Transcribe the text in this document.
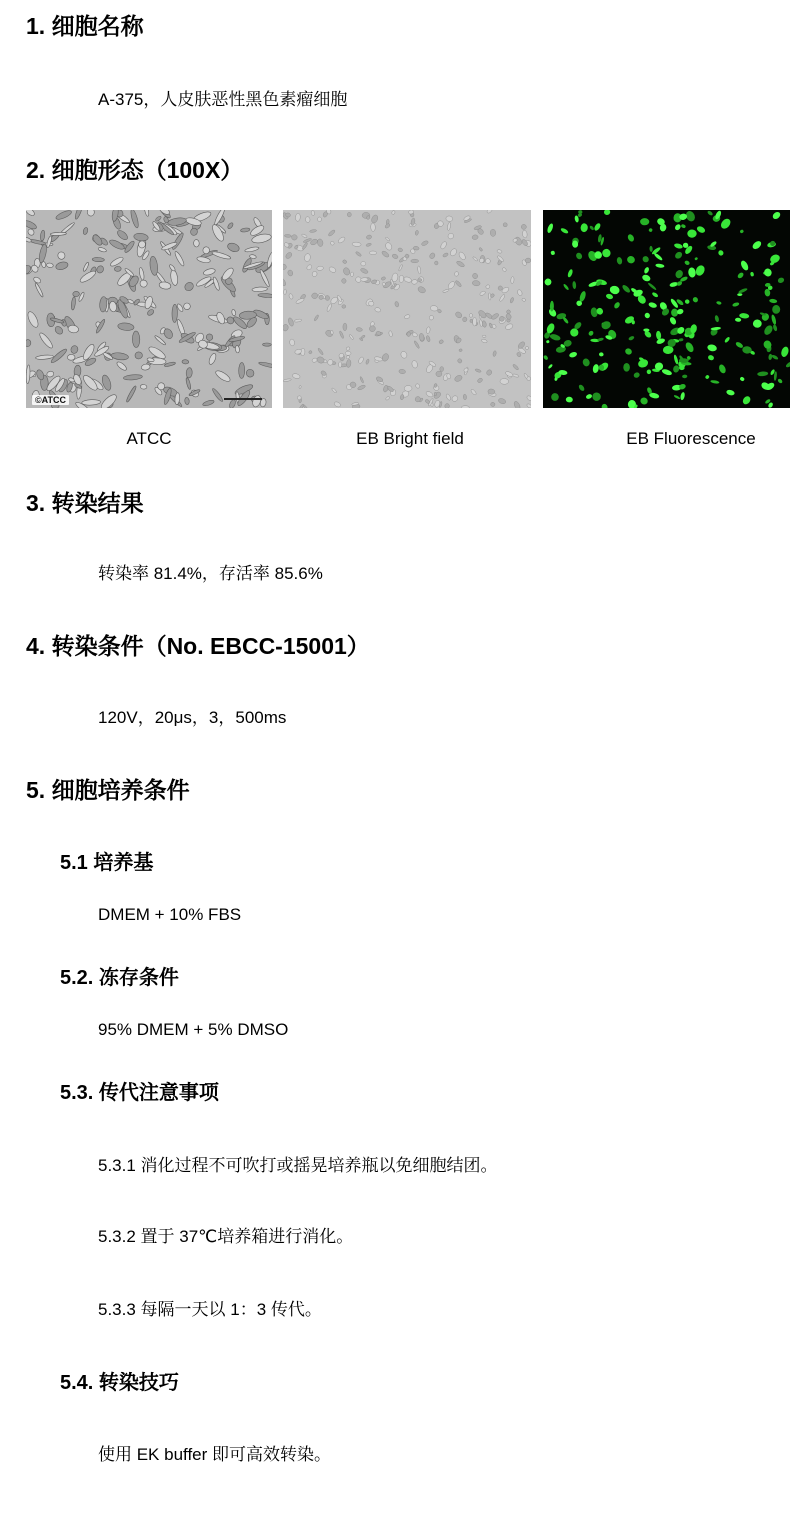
1. 细胞名称
A-375，人皮肤恶性黑色素瘤细胞
2. 细胞形态（100X）
©ATCC
ATCC	EB Bright field	EB Fluorescence
3. 转染结果
转染率 81.4%，存活率 85.6%
4. 转染条件（No. EBCC-15001）
120V，20μs，3，500ms
5. 细胞培养条件
5.1 培养基
DMEM + 10% FBS
5.2. 冻存条件
95% DMEM + 5% DMSO
5.3. 传代注意事项
5.3.1 消化过程不可吹打或摇晃培养瓶以免细胞结团。
5.3.2 置于 37℃培养箱进行消化。
5.3.3 每隔一天以 1：3 传代。
5.4. 转染技巧
使用 EK buffer 即可高效转染。
